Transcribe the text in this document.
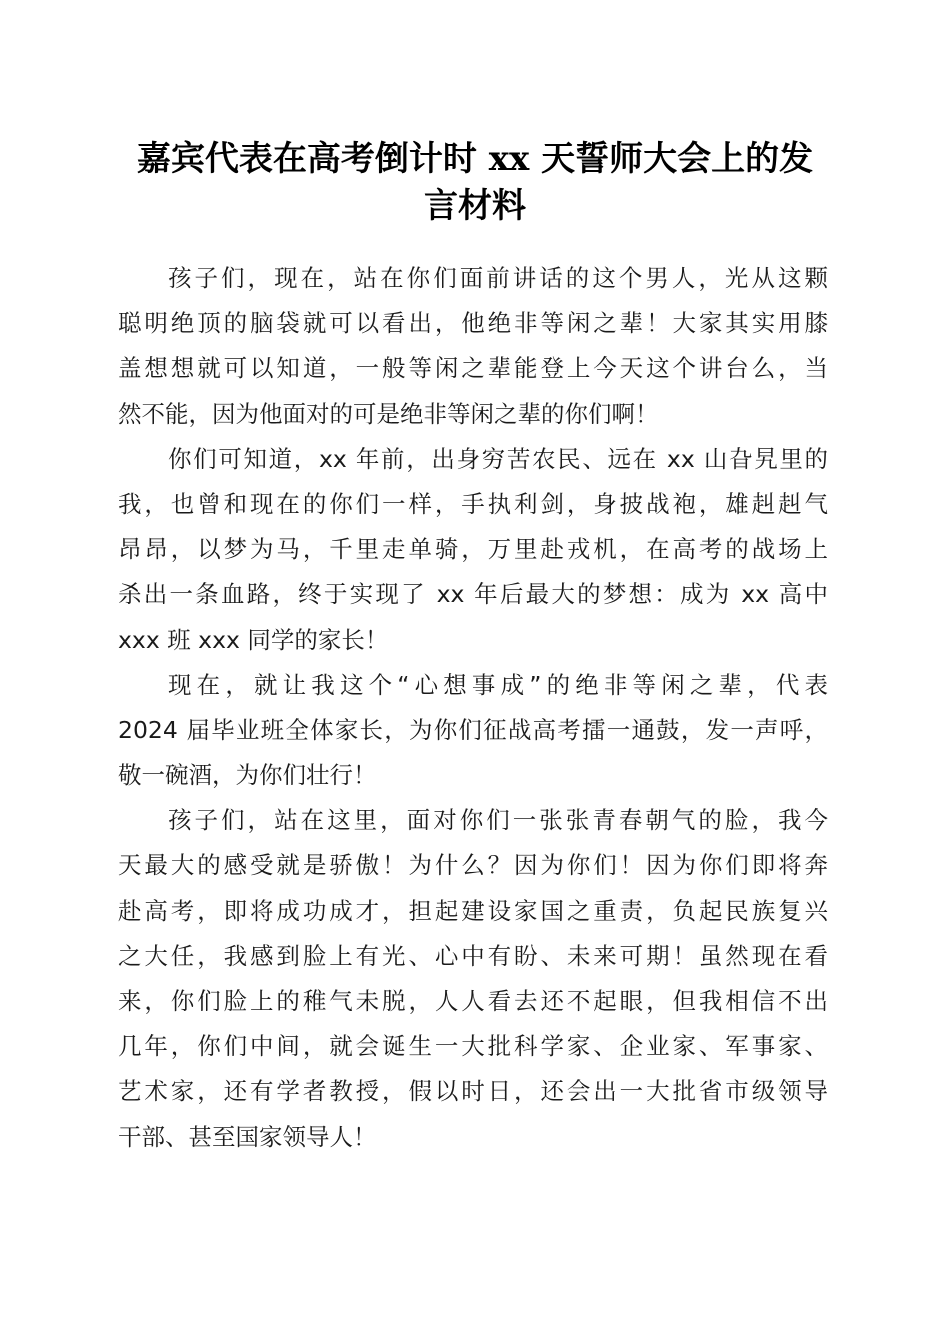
嘉宾代表在高考倒计时 xx 天誓师大会上的发
言材料
孩子们，现在，站在你们面前讲话的这个男人，光从这颗
聪明绝顶的脑袋就可以看出，他绝非等闲之辈！大家其实用膝
盖想想就可以知道，一般等闲之辈能登上今天这个讲台么，当
然不能，因为他面对的可是绝非等闲之辈的你们啊！
你们可知道，xx 年前，出身穷苦农民、远在 xx 山旮旯里的
我，也曾和现在的你们一样，手执利剑，身披战袍，雄赳赳气
昂昂，以梦为马，千里走单骑，万里赴戎机，在高考的战场上
杀出一条血路，终于实现了 xx 年后最大的梦想：成为 xx 高中
xxx 班 xxx 同学的家长！
现在，就让我这个“心想事成”的绝非等闲之辈，代表
2024 届毕业班全体家长，为你们征战高考擂一通鼓，发一声呼，
敬一碗酒，为你们壮行！
孩子们，站在这里，面对你们一张张青春朝气的脸，我今
天最大的感受就是骄傲！为什么？因为你们！因为你们即将奔
赴高考，即将成功成才，担起建设家国之重责，负起民族复兴
之大任，我感到脸上有光、心中有盼、未来可期！虽然现在看
来，你们脸上的稚气未脱，人人看去还不起眼，但我相信不出
几年，你们中间，就会诞生一大批科学家、企业家、军事家、
艺术家，还有学者教授，假以时日，还会出一大批省市级领导
干部、甚至国家领导人！
